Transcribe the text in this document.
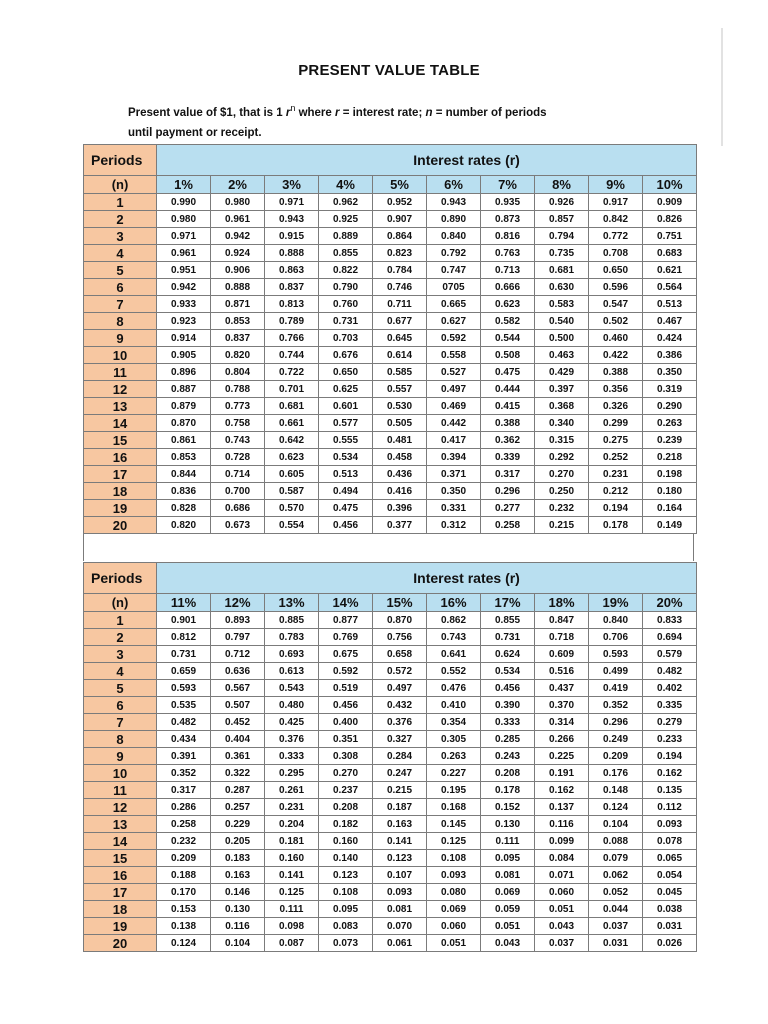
PRESENT VALUE TABLE
Present value of $1, that is 1 $r^n$ where r = interest rate; n = number of periods
until payment or receipt.
Periods	Interest rates (r)									
(n)	1%	2%	3%	4%	5%	6%	7%	8%	9%	10%
1	0.990	0.980	0.971	0.962	0.952	0.943	0.935	0.926	0.917	0.909
2	0.980	0.961	0.943	0.925	0.907	0.890	0.873	0.857	0.842	0.826
3	0.971	0.942	0.915	0.889	0.864	0.840	0.816	0.794	0.772	0.751
4	0.961	0.924	0.888	0.855	0.823	0.792	0.763	0.735	0.708	0.683
5	0.951	0.906	0.863	0.822	0.784	0.747	0.713	0.681	0.650	0.621
6	0.942	0.888	0.837	0.790	0.746	0705	0.666	0.630	0.596	0.564
7	0.933	0.871	0.813	0.760	0.711	0.665	0.623	0.583	0.547	0.513
8	0.923	0.853	0.789	0.731	0.677	0.627	0.582	0.540	0.502	0.467
9	0.914	0.837	0.766	0.703	0.645	0.592	0.544	0.500	0.460	0.424
10	0.905	0.820	0.744	0.676	0.614	0.558	0.508	0.463	0.422	0.386
11	0.896	0.804	0.722	0.650	0.585	0.527	0.475	0.429	0.388	0.350
12	0.887	0.788	0.701	0.625	0.557	0.497	0.444	0.397	0.356	0.319
13	0.879	0.773	0.681	0.601	0.530	0.469	0.415	0.368	0.326	0.290
14	0.870	0.758	0.661	0.577	0.505	0.442	0.388	0.340	0.299	0.263
15	0.861	0.743	0.642	0.555	0.481	0.417	0.362	0.315	0.275	0.239
16	0.853	0.728	0.623	0.534	0.458	0.394	0.339	0.292	0.252	0.218
17	0.844	0.714	0.605	0.513	0.436	0.371	0.317	0.270	0.231	0.198
18	0.836	0.700	0.587	0.494	0.416	0.350	0.296	0.250	0.212	0.180
19	0.828	0.686	0.570	0.475	0.396	0.331	0.277	0.232	0.194	0.164
20	0.820	0.673	0.554	0.456	0.377	0.312	0.258	0.215	0.178	0.149
Periods	Interest rates (r)									
(n)	11%	12%	13%	14%	15%	16%	17%	18%	19%	20%
1	0.901	0.893	0.885	0.877	0.870	0.862	0.855	0.847	0.840	0.833
2	0.812	0.797	0.783	0.769	0.756	0.743	0.731	0.718	0.706	0.694
3	0.731	0.712	0.693	0.675	0.658	0.641	0.624	0.609	0.593	0.579
4	0.659	0.636	0.613	0.592	0.572	0.552	0.534	0.516	0.499	0.482
5	0.593	0.567	0.543	0.519	0.497	0.476	0.456	0.437	0.419	0.402
6	0.535	0.507	0.480	0.456	0.432	0.410	0.390	0.370	0.352	0.335
7	0.482	0.452	0.425	0.400	0.376	0.354	0.333	0.314	0.296	0.279
8	0.434	0.404	0.376	0.351	0.327	0.305	0.285	0.266	0.249	0.233
9	0.391	0.361	0.333	0.308	0.284	0.263	0.243	0.225	0.209	0.194
10	0.352	0.322	0.295	0.270	0.247	0.227	0.208	0.191	0.176	0.162
11	0.317	0.287	0.261	0.237	0.215	0.195	0.178	0.162	0.148	0.135
12	0.286	0.257	0.231	0.208	0.187	0.168	0.152	0.137	0.124	0.112
13	0.258	0.229	0.204	0.182	0.163	0.145	0.130	0.116	0.104	0.093
14	0.232	0.205	0.181	0.160	0.141	0.125	0.111	0.099	0.088	0.078
15	0.209	0.183	0.160	0.140	0.123	0.108	0.095	0.084	0.079	0.065
16	0.188	0.163	0.141	0.123	0.107	0.093	0.081	0.071	0.062	0.054
17	0.170	0.146	0.125	0.108	0.093	0.080	0.069	0.060	0.052	0.045
18	0.153	0.130	0.111	0.095	0.081	0.069	0.059	0.051	0.044	0.038
19	0.138	0.116	0.098	0.083	0.070	0.060	0.051	0.043	0.037	0.031
20	0.124	0.104	0.087	0.073	0.061	0.051	0.043	0.037	0.031	0.026
